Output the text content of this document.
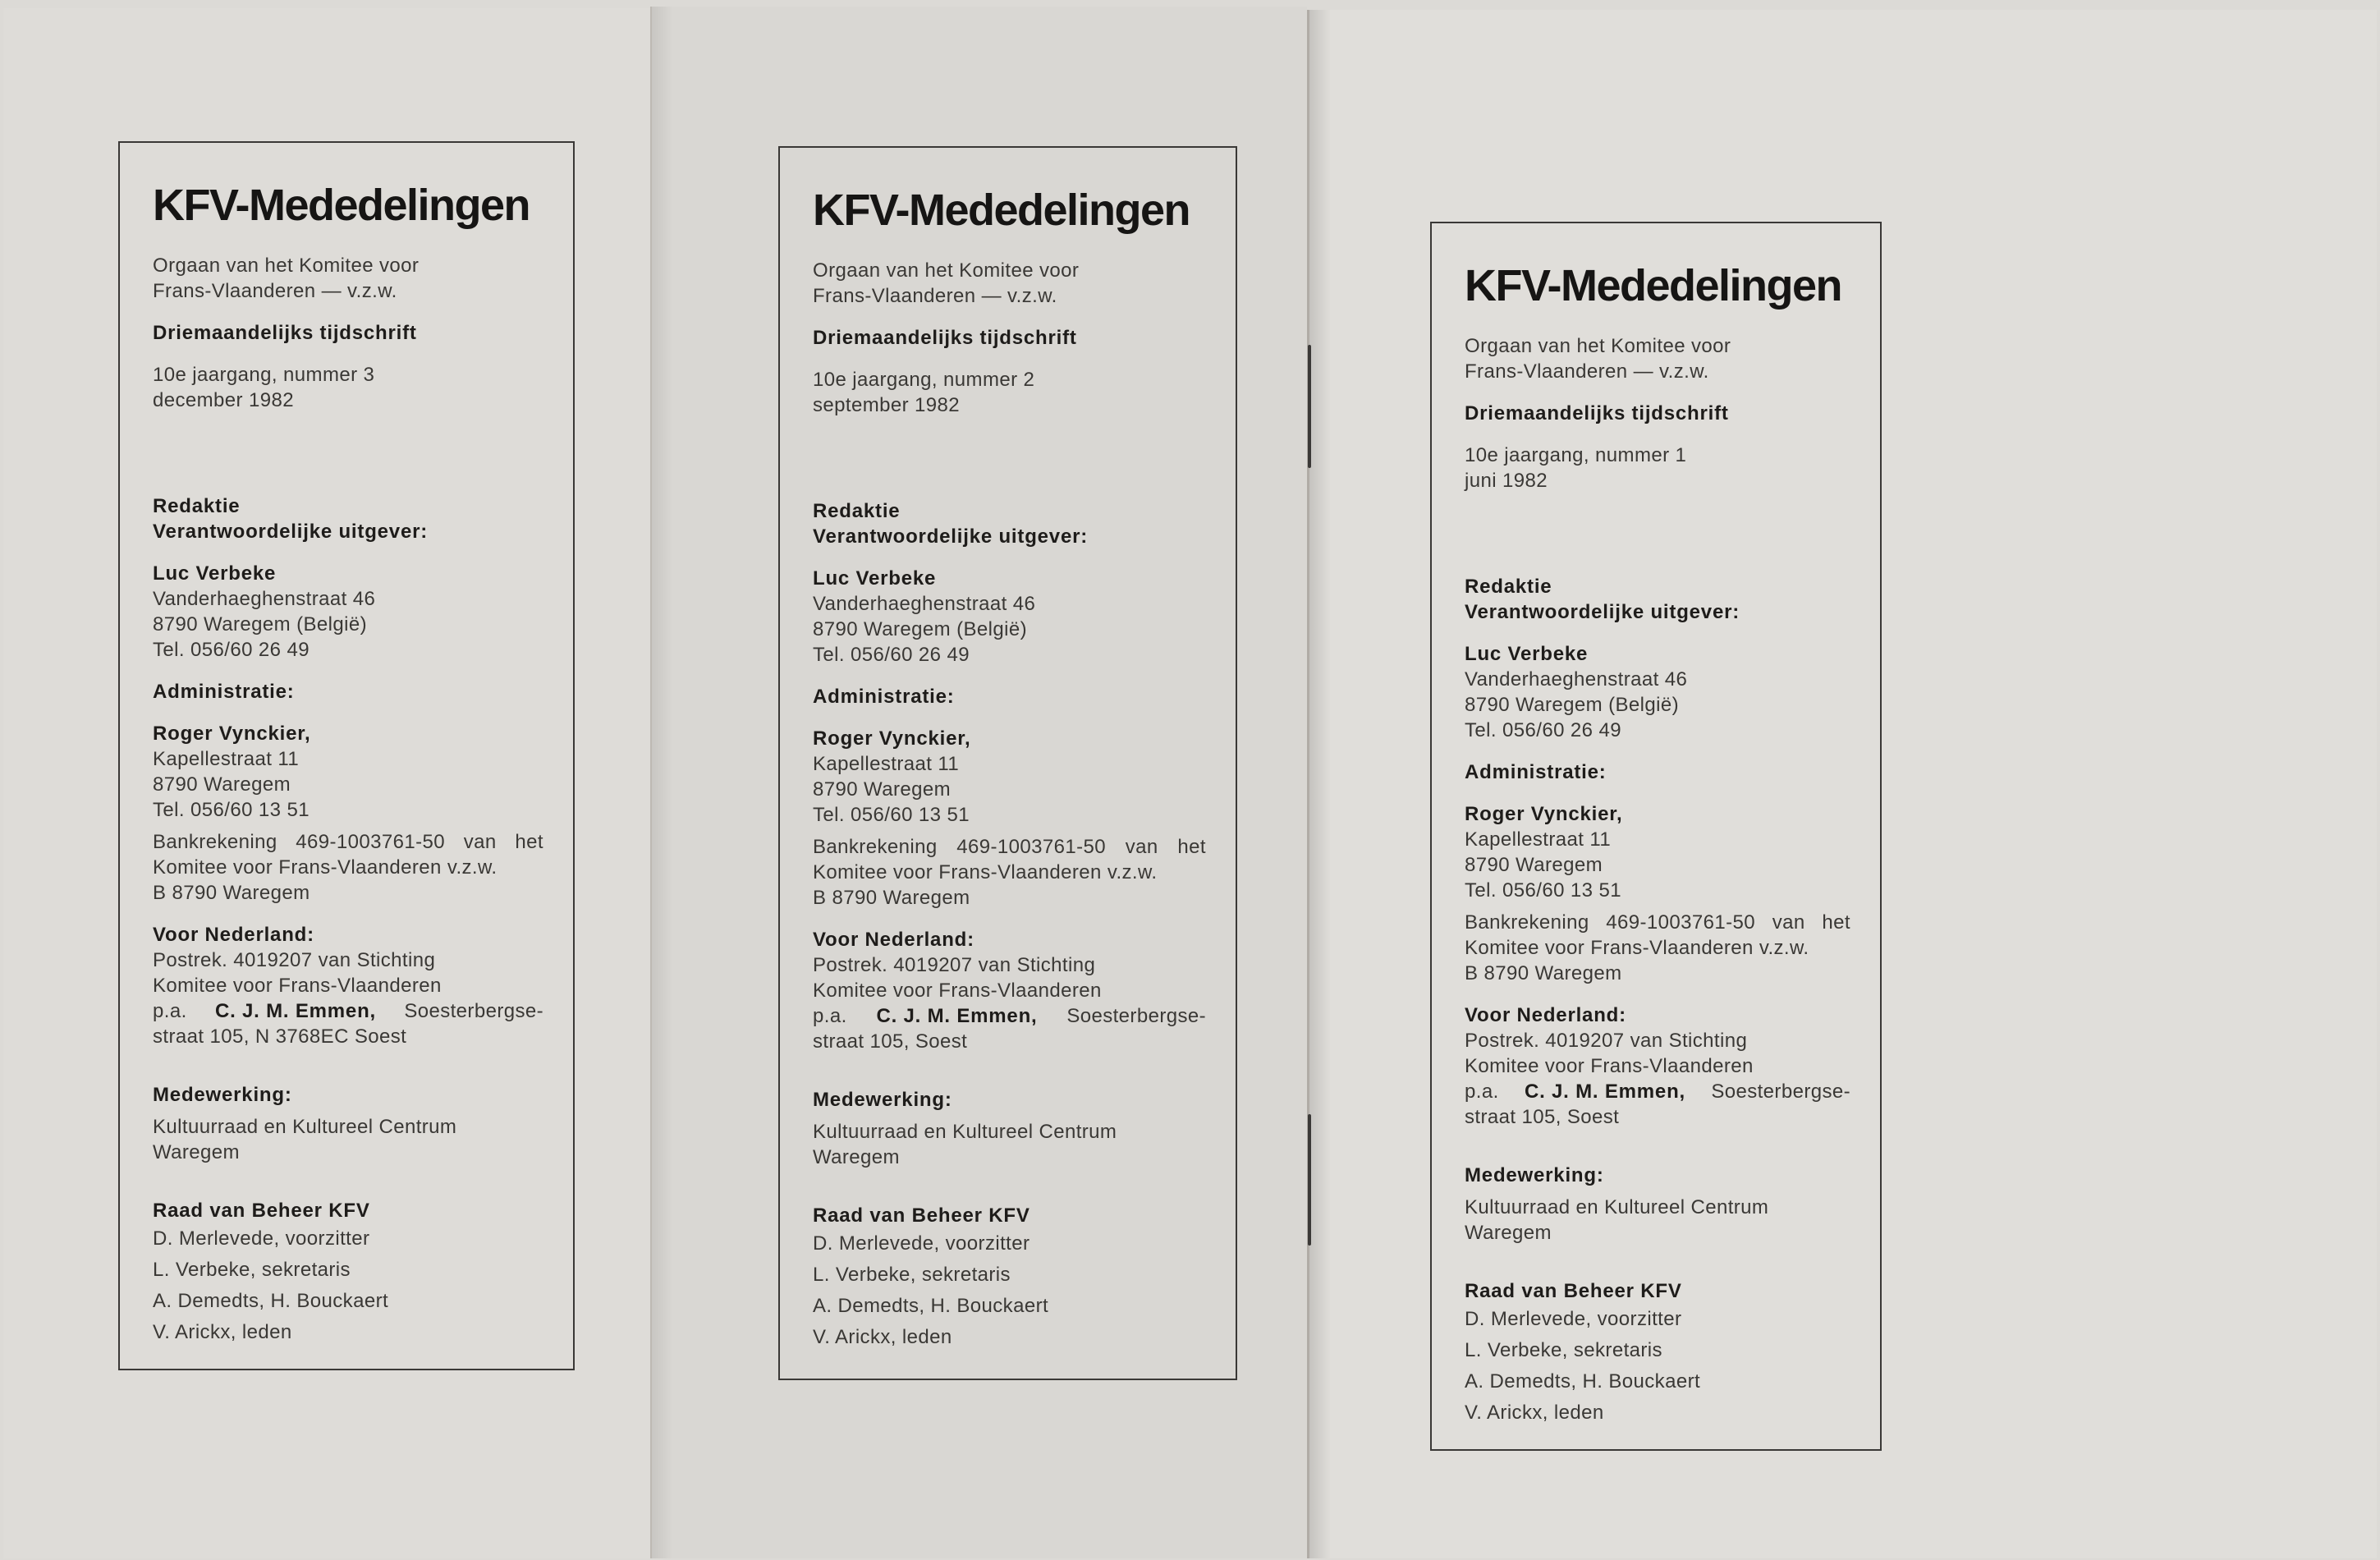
KFV-Mededelingen
Orgaan van het Komitee voor
Frans-Vlaanderen — v.z.w.
Driemaandelijks tijdschrift
10e jaargang, nummer 3
december 1982
Redaktie
Verantwoordelijke uitgever:
Luc Verbeke
Vanderhaeghenstraat 46
8790 Waregem (België)
Tel. 056/60 26 49
Administratie:
Roger Vynckier,
Kapellestraat 11
8790 Waregem
Tel. 056/60 13 51
Bankrekening 469-1003761-50 van het
Komitee voor Frans-Vlaanderen v.z.w.
B 8790 Waregem
Voor Nederland:
Postrek. 4019207 van Stichting
Komitee voor Frans-Vlaanderen
p.a. C. J. M. Emmen, Soesterbergse-
straat 105, N 3768EC Soest
Medewerking:
Kultuurraad en Kultureel Centrum
Waregem
Raad van Beheer KFV
D. Merlevede, voorzitter
L. Verbeke, sekretaris
A. Demedts, H. Bouckaert
V. Arickx, leden
KFV-Mededelingen
Orgaan van het Komitee voor
Frans-Vlaanderen — v.z.w.
Driemaandelijks tijdschrift
10e jaargang, nummer 2
september 1982
Redaktie
Verantwoordelijke uitgever:
Luc Verbeke
Vanderhaeghenstraat 46
8790 Waregem (België)
Tel. 056/60 26 49
Administratie:
Roger Vynckier,
Kapellestraat 11
8790 Waregem
Tel. 056/60 13 51
Bankrekening 469-1003761-50 van het
Komitee voor Frans-Vlaanderen v.z.w.
B 8790 Waregem
Voor Nederland:
Postrek. 4019207 van Stichting
Komitee voor Frans-Vlaanderen
p.a. C. J. M. Emmen, Soesterbergse-
straat 105, Soest
Medewerking:
Kultuurraad en Kultureel Centrum
Waregem
Raad van Beheer KFV
D. Merlevede, voorzitter
L. Verbeke, sekretaris
A. Demedts, H. Bouckaert
V. Arickx, leden
KFV-Mededelingen
Orgaan van het Komitee voor
Frans-Vlaanderen — v.z.w.
Driemaandelijks tijdschrift
10e jaargang, nummer 1
juni 1982
Redaktie
Verantwoordelijke uitgever:
Luc Verbeke
Vanderhaeghenstraat 46
8790 Waregem (België)
Tel. 056/60 26 49
Administratie:
Roger Vynckier,
Kapellestraat 11
8790 Waregem
Tel. 056/60 13 51
Bankrekening 469-1003761-50 van het
Komitee voor Frans-Vlaanderen v.z.w.
B 8790 Waregem
Voor Nederland:
Postrek. 4019207 van Stichting
Komitee voor Frans-Vlaanderen
p.a. C. J. M. Emmen, Soesterbergse-
straat 105, Soest
Medewerking:
Kultuurraad en Kultureel Centrum
Waregem
Raad van Beheer KFV
D. Merlevede, voorzitter
L. Verbeke, sekretaris
A. Demedts, H. Bouckaert
V. Arickx, leden
